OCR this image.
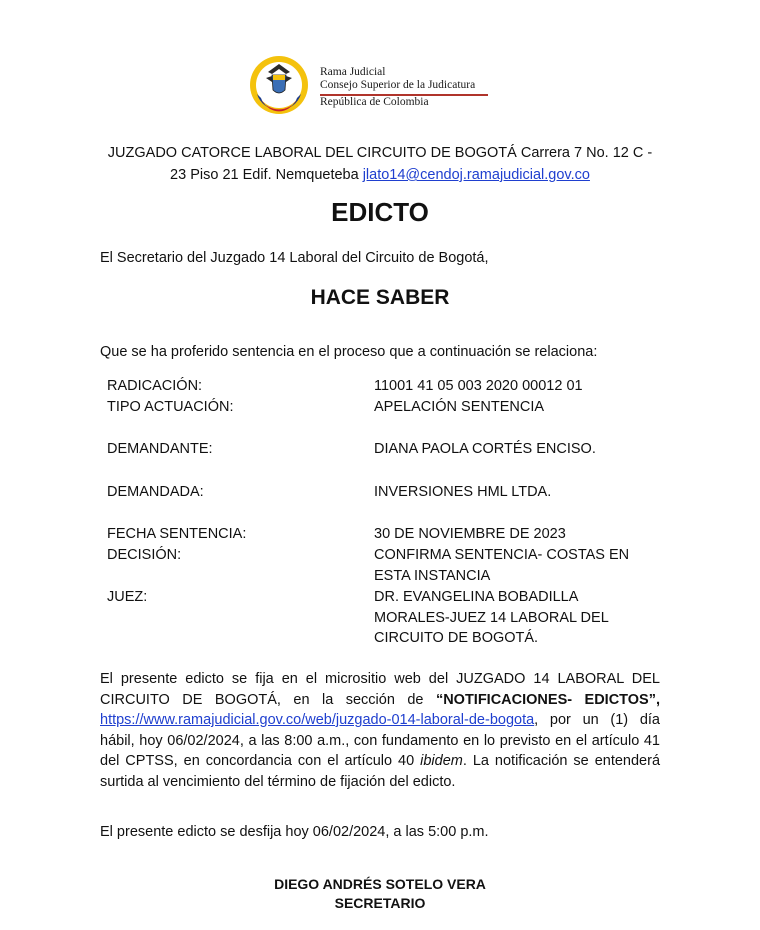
Rama Judicial
Consejo Superior de la Judicatura
República de Colombia
JUZGADO CATORCE LABORAL DEL CIRCUITO DE BOGOTÁ Carrera 7 No. 12 C - 23 Piso 21 Edif. Nemqueteba jlato14@cendoj.ramajudicial.gov.co
EDICTO

El Secretario del Juzgado 14 Laboral del Circuito de Bogotá,

HACE SABER

Que se ha proferido sentencia en el proceso que a continuación se relaciona:

RADICACIÓN:	11001 41 05 003 2020 00012 01
TIPO ACTUACIÓN:	APELACIÓN SENTENCIA
DEMANDANTE:	DIANA PAOLA CORTÉS ENCISO.
DEMANDADA:	INVERSIONES HML LTDA.
FECHA SENTENCIA:	30 DE NOVIEMBRE DE 2023
DECISIÓN:	CONFIRMA SENTENCIA- COSTAS EN ESTA INSTANCIA
JUEZ:	DR. EVANGELINA BOBADILLA MORALES-JUEZ 14 LABORAL DEL CIRCUITO DE BOGOTÁ.

El presente edicto se fija en el micrositio web del JUZGADO 14 LABORAL DEL CIRCUITO DE BOGOTÁ, en la sección de “NOTIFICACIONES- EDICTOS”, https://www.ramajudicial.gov.co/web/juzgado-014-laboral-de-bogota, por un (1) día hábil, hoy 06/02/2024, a las 8:00 a.m., con fundamento en lo previsto en el artículo 41 del CPTSS, en concordancia con el artículo 40 ibidem. La notificación se entenderá surtida al vencimiento del término de fijación del edicto.

El presente edicto se desfija hoy 06/02/2024, a las 5:00 p.m.

DIEGO ANDRÉS SOTELO VERA
SECRETARIO
